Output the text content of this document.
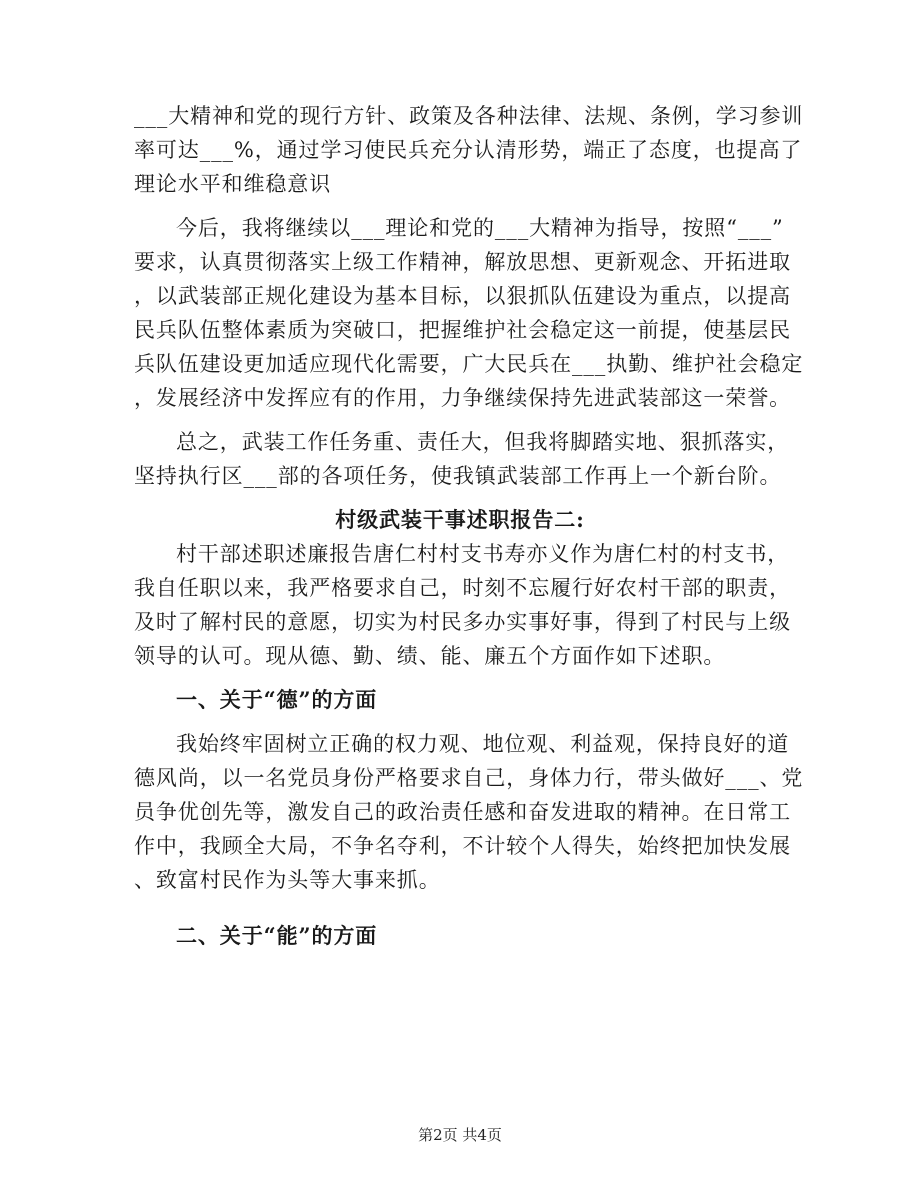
___大精神和党的现行方针、政策及各种法律、法规、条例，学习参训
率可达___%，通过学习使民兵充分认清形势，端正了态度，也提高了
理论水平和维稳意识
今后，我将继续以___理论和党的___大精神为指导，按照“___”
要求，认真贯彻落实上级工作精神，解放思想、更新观念、开拓进取
，以武装部正规化建设为基本目标，以狠抓队伍建设为重点，以提高
民兵队伍整体素质为突破口，把握维护社会稳定这一前提，使基层民
兵队伍建设更加适应现代化需要，广大民兵在___执勤、维护社会稳定
，发展经济中发挥应有的作用，力争继续保持先进武装部这一荣誉。
总之，武装工作任务重、责任大，但我将脚踏实地、狠抓落实，
坚持执行区___部的各项任务，使我镇武装部工作再上一个新台阶。
村级武装干事述职报告二:
村干部述职述廉报告唐仁村村支书寿亦义作为唐仁村的村支书，
我自任职以来，我严格要求自己，时刻不忘履行好农村干部的职责，
及时了解村民的意愿，切实为村民多办实事好事，得到了村民与上级
领导的认可。现从德、勤、绩、能、廉五个方面作如下述职。
一、关于“德”的方面
我始终牢固树立正确的权力观、地位观、利益观，保持良好的道
德风尚，以一名党员身份严格要求自己，身体力行，带头做好___、党
员争优创先等，激发自己的政治责任感和奋发进取的精神。在日常工
作中，我顾全大局，不争名夺利，不计较个人得失，始终把加快发展
、致富村民作为头等大事来抓。
二、关于“能”的方面
第2页 共4页
